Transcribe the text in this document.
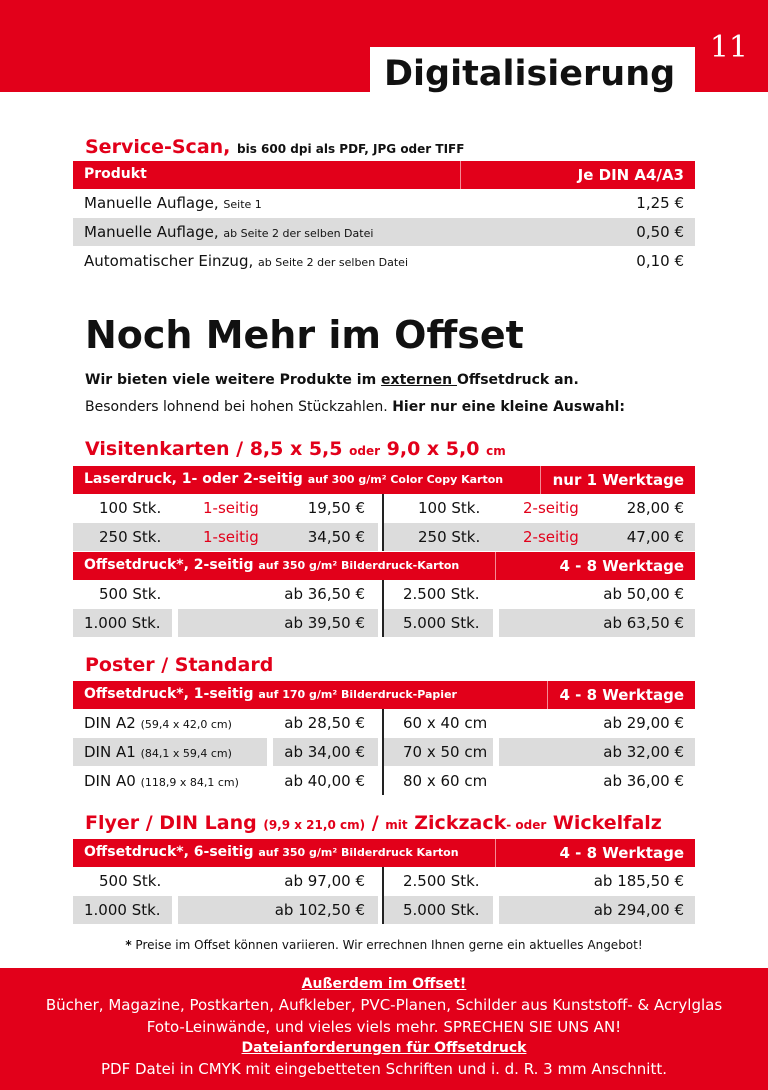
11
Digitalisierung
Service-Scan, bis 600 dpi als PDF, JPG oder TIFF
Produkt	Je DIN A4/A3
Manuelle Auflage, Seite 1	1,25 €
Manuelle Auflage, ab Seite 2 der selben Datei	0,50 €
Automatischer Einzug, ab Seite 2 der selben Datei	0,10 €
Noch Mehr im Offset
Wir bieten viele weitere Produkte im externen Offsetdruck an.
Besonders lohnend bei hohen Stückzahlen. Hier nur eine kleine Auswahl:
Visitenkarten / 8,5 x 5,5 oder 9,0 x 5,0 cm
Laserdruck, 1- oder 2-seitig auf 300 g/m² Color Copy Karton	nur 1 Werktage
100 Stk.	1-seitig	19,50 €	100 Stk.	2-seitig	28,00 €
250 Stk.	1-seitig	34,50 €	250 Stk.	2-seitig	47,00 €
Offsetdruck*, 2-seitig auf 350 g/m² Bilderdruck-Karton	4 - 8 Werktage
500 Stk.	ab 36,50 €	2.500 Stk.	ab 50,00 €
1.000 Stk.	ab 39,50 €	5.000 Stk.	ab 63,50 €
Poster / Standard
Offsetdruck*, 1-seitig auf 170 g/m² Bilderdruck-Papier	4 - 8 Werktage
DIN A2 (59,4 x 42,0 cm)	ab 28,50 €	60 x 40 cm	ab 29,00 €
DIN A1 (84,1 x 59,4 cm)	ab 34,00 €	70 x 50 cm	ab 32,00 €
DIN A0 (118,9 x 84,1 cm)	ab 40,00 €	80 x 60 cm	ab 36,00 €
Flyer / DIN Lang (9,9 x 21,0 cm) / mit Zickzack- oder Wickelfalz
Offsetdruck*, 6-seitig auf 350 g/m² Bilderdruck Karton	4 - 8 Werktage
500 Stk.	ab 97,00 €	2.500 Stk.	ab 185,50 €
1.000 Stk.	ab 102,50 €	5.000 Stk.	ab 294,00 €
* Preise im Offset können variieren. Wir errechnen Ihnen gerne ein aktuelles Angebot!
Außerdem im Offset!
Bücher, Magazine, Postkarten, Aufkleber, PVC-Planen, Schilder aus Kunststoff- & Acrylglas
Foto-Leinwände, und vieles viels mehr. SPRECHEN SIE UNS AN!
Dateianforderungen für Offsetdruck
PDF Datei in CMYK mit eingebetteten Schriften und i. d. R. 3 mm Anschnitt.
